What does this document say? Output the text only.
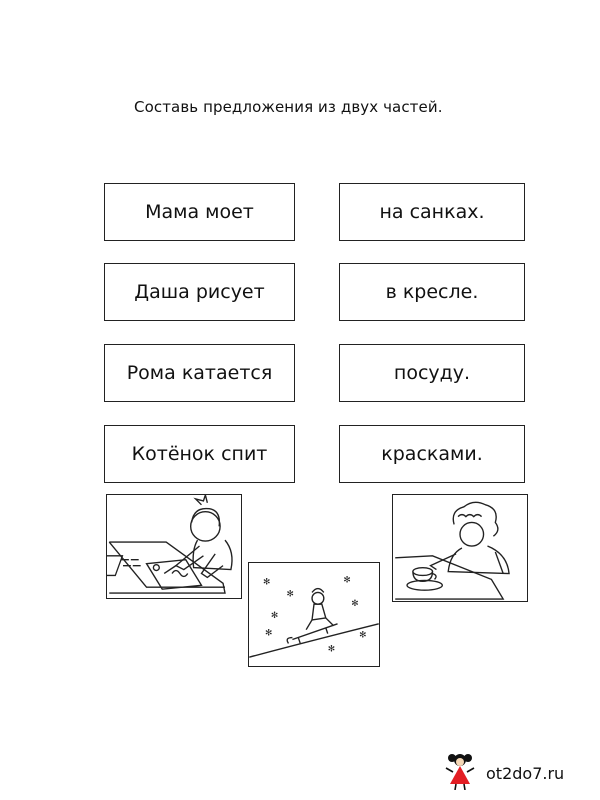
Составь предложения из двух частей.
Мама моет
Даша рисует
Рома катается
Котёнок спит
на санках.
в кресле.
посуду.
красками.
✻
✻
✻
✻
✻
✻
✻
✻
ot2do7.ru
